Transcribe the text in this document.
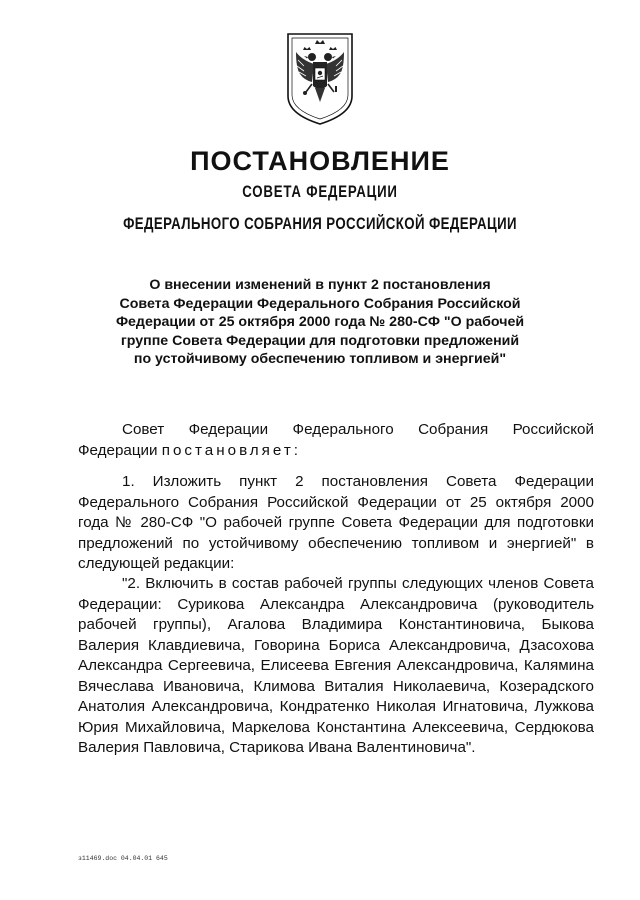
ПОСТАНОВЛЕНИЕ
СОВЕТА ФЕДЕРАЦИИ
ФЕДЕРАЛЬНОГО СОБРАНИЯ РОССИЙСКОЙ ФЕДЕРАЦИИ
О внесении изменений в пункт 2 постановления
Совета Федерации Федерального Собрания Российской
Федерации от 25 октября 2000 года № 280-СФ "О рабочей
группе Совета Федерации для подготовки предложений
по устойчивому обеспечению топливом и энергией"
Совет Федерации Федерального Собрания Российской Федерации постановляет:
1. Изложить пункт 2 постановления Совета Федерации Федерального Собрания Российской Федерации от 25 октября 2000 года № 280-СФ "О рабочей группе Совета Федерации для подготовки предложений по устойчивому обеспечению топливом и энергией" в следующей редакции:
"2. Включить в состав рабочей группы следующих членов Совета Федерации: Сурикова Александра Александровича (руководитель рабочей группы), Агалова Владимира Константиновича, Быкова Валерия Клавдиевича, Говорина Бориса Александровича, Дзасохова Александра Сергеевича, Елисеева Евгения Александровича, Калямина Вячеслава Ивановича, Климова Виталия Николаевича, Козерадского Анатолия Александровича, Кондратенко Николая Игнатовича, Лужкова Юрия Михайловича, Маркелова Константина Алексеевича, Сердюкова Валерия Павловича, Старикова Ивана Валентиновича".
з11469.doc 04.04.01 645
